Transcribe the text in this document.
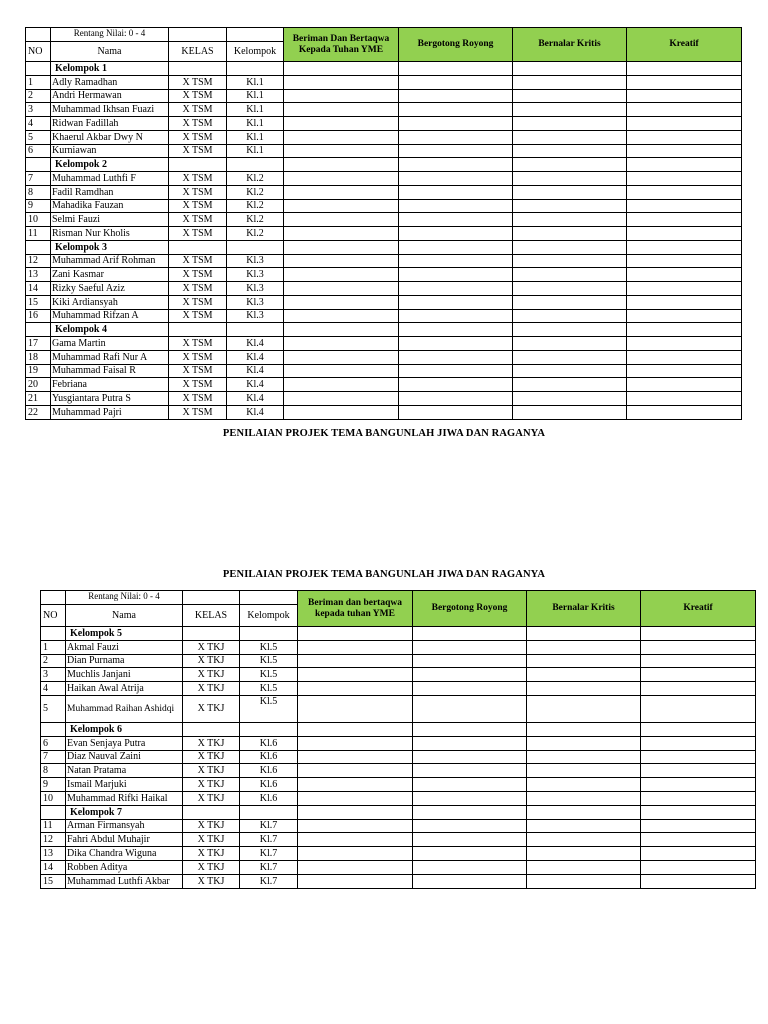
	Rentang Nilai: 0 - 4			Beriman Dan Bertaqwa Kepada Tuhan YME	Bergotong Royong	Bernalar Kritis	Kreatif
NO	Nama	KELAS	Kelompok				
	Kelompok 1						
1	Adly Ramadhan	X TSM	Kl.1				
2	Andri Hermawan	X TSM	Kl.1				
3	Muhammad Ikhsan Fuazi	X TSM	Kl.1				
4	Ridwan Fadillah	X TSM	Kl.1				
5	Khaerul Akbar Dwy N	X TSM	Kl.1				
6	Kurniawan	X TSM	Kl.1				
	Kelompok 2						
7	Muhammad Luthfi F	X TSM	Kl.2				
8	Fadil Ramdhan	X TSM	Kl.2				
9	Mahadika Fauzan	X TSM	Kl.2				
10	Selmi Fauzi	X TSM	Kl.2				
11	Risman Nur Kholis	X TSM	Kl.2				
	Kelompok 3						
12	Muhammad Arif Rohman	X TSM	Kl.3				
13	Zani Kasmar	X TSM	Kl.3				
14	Rizky Saeful Aziz	X TSM	Kl.3				
15	Kiki Ardiansyah	X TSM	Kl.3				
16	Muhammad Rifzan A	X TSM	Kl.3				
	Kelompok 4						
17	Gama Martin	X TSM	Kl.4				
18	Muhammad Rafi Nur A	X TSM	Kl.4				
19	Muhammad Faisal R	X TSM	Kl.4				
20	Febriana	X TSM	Kl.4				
21	Yusgiantara Putra S	X TSM	Kl.4				
22	Muhammad Pajri	X TSM	Kl.4				
PENILAIAN PROJEK TEMA BANGUNLAH JIWA DAN RAGANYA
PENILAIAN PROJEK TEMA BANGUNLAH JIWA DAN RAGANYA
	Rentang Nilai: 0 - 4			Beriman dan bertaqwa kepada tuhan YME	Bergotong Royong	Bernalar Kritis	Kreatif
NO	Nama	KELAS	Kelompok				
	Kelompok 5						
1	Akmal Fauzi	X TKJ	Kl.5				
2	Dian Purnama	X TKJ	Kl.5				
3	Muchlis Janjani	X TKJ	Kl.5				
4	Haikan Awal Atrija	X TKJ	Kl.5				
5	Muhammad Raihan Ashidqi	X TKJ	Kl.5				
	Kelompok 6						
6	Evan Senjaya Putra	X TKJ	Kl.6				
7	Diaz Nauval Zaini	X TKJ	Kl.6				
8	Natan Pratama	X TKJ	Kl.6				
9	Ismail Marjuki	X TKJ	Kl.6				
10	Muhammad Rifki Haikal	X TKJ	Kl.6				
	Kelompok 7						
11	Arman Firmansyah	X TKJ	Kl.7				
12	Fahri Abdul Muhajir	X TKJ	Kl.7				
13	Dika Chandra Wiguna	X TKJ	Kl.7				
14	Robben Aditya	X TKJ	Kl.7				
15	Muhammad Luthfi Akbar	X TKJ	Kl.7				
